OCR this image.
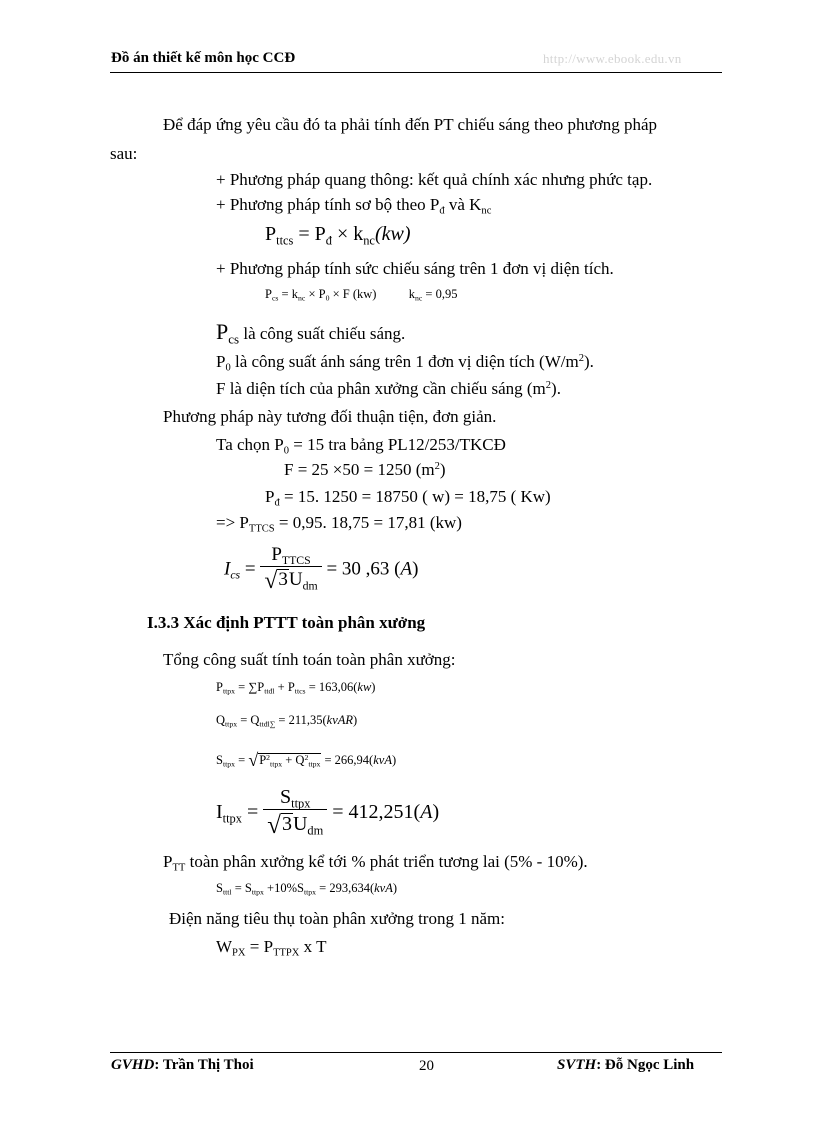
Đồ án thiết kế môn học CCĐ	http://www.ebook.edu.vn
Để đáp ứng yêu cầu đó ta phải tính đến PT chiếu sáng theo phương pháp
sau:
+ Phương pháp quang thông: kết quả chính xác nhưng phức tạp.
+ Phương pháp tính sơ bộ theo $P_đ$ và $K_{nc}$
$P_{ttcs} = P_đ \times k_{nc}(kw)$
+ Phương pháp tính sức chiếu sáng trên 1 đơn vị diện tích.
$P_{cs} = k_{nc} \times P_0 \times F$ (kw)	$k_{nc} = 0,95$
$P_{cs}$ là công suất chiếu sáng.
$P_0$ là công suất ánh sáng trên 1 đơn vị diện tích $(W/m^2)$.
F là diện tích của phân xưởng cần chiếu sáng $(m^2)$.
Phương pháp này tương đối thuận tiện, đơn giản.
Ta chọn $P_0 = 15$ tra bảng PL12/253/TKCĐ
F = 25 ×50 = 1250 $(m^2)$
$P_đ = 15$. 1250 = 18750 ( w) = 18,75 ( Kw)
=> $P_{TTCS} = 0,95$. 18,75 = 17,81 (kw)
$I_{cs} = \frac{P_{TTCS}}{√3U_{dm}} = 30$ ,63 (A)
I.3.3 Xác định PTTT toàn phân xưởng
Tổng công suất tính toán toàn phân xưởng:
$P_{ttpx} = \sum P_{ttđl} + P_{ttcs} = 163,06(kw)$
$Q_{ttpx} = Q_{ttđl\sum}$ = 211,35(kvAR)
$S_{ttpx} = √P^2_{ttpx} + Q^2_{ttpx} = 266,94(kvA)$
$I_{ttpx} = \frac{S_{ttpx}}{√3U_{dm}} = 412,251(A)$
$P_{TT}$ toàn phân xưởng kể tới % phát triển tương lai (5% - 10%).
$S_{tttl} = S_{ttpx} +10\%S_{ttpx} = 293,634(kvA)$
Điện năng tiêu thụ toàn phân xưởng trong 1 năm:
$W_{PX} = P_{TTPX}$ x T
GVHD: Trần Thị Thoi	20	SVTH: Đỗ Ngọc Linh
